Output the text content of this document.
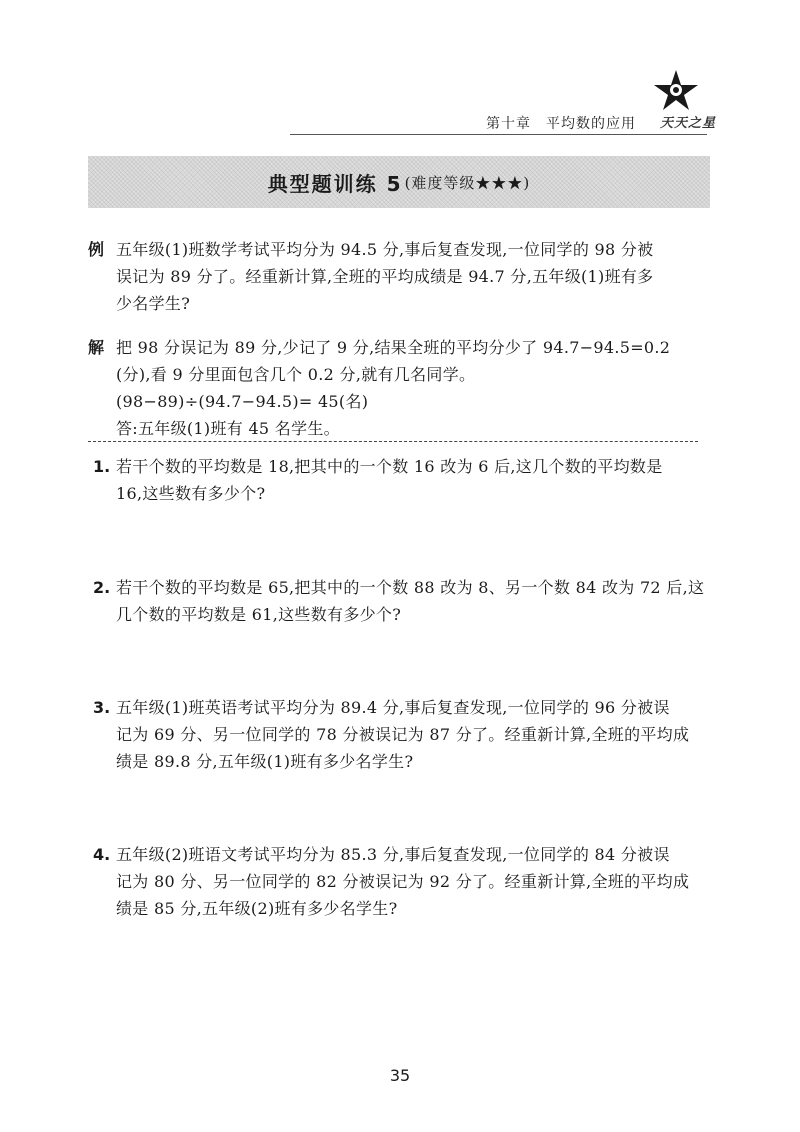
第十章　平均数的应用 天天之星
典型题训练 5 (难度等级★★★)
例 五年级(1)班数学考试平均分为 94.5 分,事后复查发现,一位同学的 98 分被
误记为 89 分了。经重新计算,全班的平均成绩是 94.7 分,五年级(1)班有多
少名学生?
解 把 98 分误记为 89 分,少记了 9 分,结果全班的平均分少了 94.7−94.5=0.2
(分),看 9 分里面包含几个 0.2 分,就有几名同学。
(98−89)÷(94.7−94.5)= 45(名)
答:五年级(1)班有 45 名学生。
1. 若干个数的平均数是 18,把其中的一个数 16 改为 6 后,这几个数的平均数是
16,这些数有多少个?
2. 若干个数的平均数是 65,把其中的一个数 88 改为 8、另一个数 84 改为 72 后,这
几个数的平均数是 61,这些数有多少个?
3. 五年级(1)班英语考试平均分为 89.4 分,事后复查发现,一位同学的 96 分被误
记为 69 分、另一位同学的 78 分被误记为 87 分了。经重新计算,全班的平均成
绩是 89.8 分,五年级(1)班有多少名学生?
4. 五年级(2)班语文考试平均分为 85.3 分,事后复查发现,一位同学的 84 分被误
记为 80 分、另一位同学的 82 分被误记为 92 分了。经重新计算,全班的平均成
绩是 85 分,五年级(2)班有多少名学生?
35
